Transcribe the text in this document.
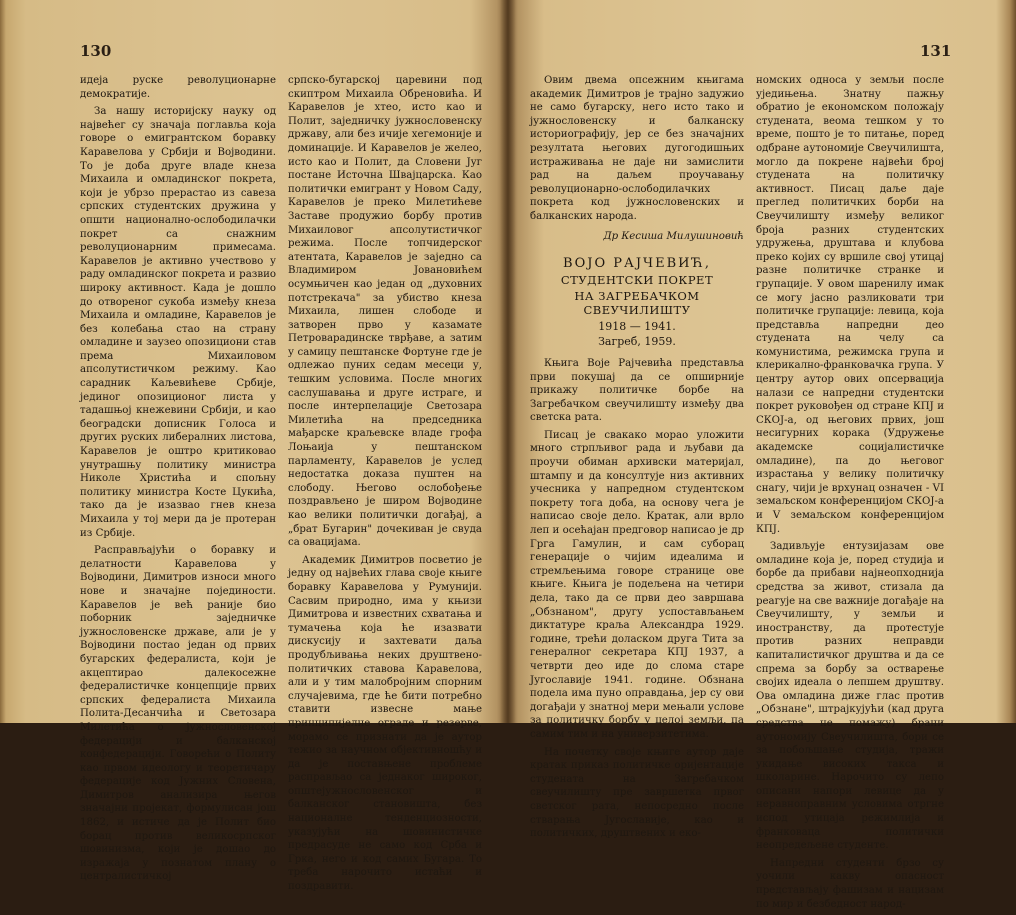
130

идеја руске револуционарне демократије.

За нашу историјску науку од највећег су значаја поглавља која говоре о емигрантском боравку Каравелова у Србији и Војводини. То је доба друге владе кнеза Михаила и омладинског покрета, који је убрзо прерастао из савеза српских студентских дружина у општи национално-ослободилачки покрет са снажним револуционарним примесама. Каравелов је активно учествово у раду омладинског покрета и развио широку активност. Када је дошло до отвореног сукоба између кнеза Михаила и омладине, Каравелов је без колебања стао на страну омладине и заузео опозициони став према Михаиловом апсолутистичком режиму. Као сарадник Каљевићеве Србије, јединог опозиционог листа у тадашњој кнежевини Србији, и као београдски дописник Голоса и других руских либералних листова, Каравелов је оштро критиковао унутрашњу политику министра Николе Христића и спољну политику министра Косте Цукића, тако да је изазвао гнев кнеза Михаила у тој мери да је протеран из Србије.

Расправљајући о боравку и делатности Каравелова у Војводини, Димитров износи много нове и значајне појединости. Каравелов је већ раније био поборник заједничке јужнословенске државе, али је у Војводини постао један од првих бугарских федералиста, који је акцептирао далекосежне федералистичке концепције првих српских федералиста Михаила Полита-Десанчића и Светозара Милетића о јужнословенској федерацији и балканској конфедерацији. Говорећи о Политу као првом идеологу и теоретичару федерације код Јужних Словена, Димитров анализира његов значајни пројекат, формулисан још 1862, и истиче да је Полит био борац против великосрпског шовинизма, који је дошао до изражаја у познатом плану о централистичкој

српско-бугарској царевини под скиптром Михаила Обреновића. И Каравелов је хтео, исто као и Полит, заједничку јужнословенску државу, али без ичије хегемоније и доминације. И Каравелов је желео, исто као и Полит, да Словени Југ постане Источна Швајцарска. Као политички емигрант у Новом Саду, Каравелов је преко Милетићеве Заставе продужио борбу против Михаиловог апсолутистичког режима. После топчидерског атентата, Каравелов је заједно са Владимиром Јовановићем осумњичен као један од „духовних потстрекача" за убиство кнеза Михаила, лишен слободе и затворен прво у казамате Петроварадинске тврђаве, а затим у самицу пештанске Фортуне где је одлежао пуних седам месеци у, тешким условима. После многих саслушавања и друге истраге, и после интерпелације Светозара Милетића на председника мађарске краљевске владе грофа Лоњаија у пештанском парламенту, Каравелов је услед недостатка доказа пуштен на слободу. Његово ослобођење поздрављено је широм Војводине као велики политички догађај, а „брат Бугарин" дочекиван је свуда са овацијама.

Академик Димитров посветио је једну од највећих глава своје књиге боравку Каравелова у Румунији. Сасвим природно, има у књизи Димитрова и известних схватања и тумачења која ће изазвати дискусију и захтевати даља продубљивања неких друштвено-политичких ставова Каравелова, али и у тим малобројним спорним случајевима, где ће бити потребно ставити извесне мање принципијелне ограде и резерве, морамо се признати да је аутор тежио за научном објективношћу и да је поставњене проблеме расправљао са једнаког широког, општејужнословенског и балканског становишта, без националне тенденциозности, указујући на шовинистичке предрасуде не само код Срба и Грка, него и код самих Бугара. То треба нарочито истаћи и поздравити.

131

Овим двема опсежним књигама академик Димитров је трајно задужио не само бугарску, него исто тако и јужнословенску и балканску историографију, јер се без значајних резултата његових дугогодишњих истраживања не даје ни замислити рад на даљем проучавању револуционарно-ослободилачких покрета код јужнословенских и балканских народа.

Др Кесиша Милушиновић
ВОЈО РАЈЧЕВИЋ,
СТУДЕНТСКИ ПОКРЕТ
НА ЗАГРЕБАЧКОМ СВЕУЧИЛИШТУ
1918 — 1941.
Загреб, 1959.

Књига Воје Рајчевића представља први покушај да се опширније прикажу политичке борбе на Загребачком свеучилишту између два светска рата.

Писац је свакако морао уложити много стрпљивог рада и љубави да проучи обиман архивски материјал, штампу и да консултује низ активних учесника у напредном студентском покрету тога доба, на основу чега је написао своје дело. Кратак, али врло леп и осећајан предговор написао је др Грга Гамулин, и сам суборац генерације о чијим идеалима и стремљењима говоре странице ове књиге. Књига је подељена на четири дела, тако да се први део завршава „Обзнаном", другу успостављањем диктатуре краља Александра 1929. године, трећи доласком друга Тита за генералног секретара КПЈ 1937, а четврти део иде до слома старе Југославије 1941. године. Обзнана подела има пуно оправдања, јер су ови догађаји у знатној мери мењали услове за политичку борбу у целој земљи, па самим тим и на универзитетима.

На почетку своје књиге аутор даје кратак приказ политичке оријентације студената на Загребачком свеучилишту пре завршетка првог светског рата, непосредно после стварања Југославије, као и политичких, друштвених и еко-

номских односа у земљи после уједињења. Знатну пажњу обратио је економском положају студената, веома тешком у то време, пошто је то питање, поред одбране аутономије Свеучилишта, могло да покрене највећи број студената на политичку активност. Писац даље даје преглед политичких борби на Свеучилишту између великог броја разних студентских удружења, друштава и клубова преко којих су вршиле свој утицај разне политичке странке и групације. У овом шаренилу имак се могу јасно разликовати три политичке групације: левица, која представља напредни део студената на челу са комунистима, режимска група и клерикално-франковачка група. У центру аутор ових опсервација налази се напредни студентски покрет руковођен од стране КПЈ и СКОЈ-а, од његових првих, још несигурних корака (Удружење академске социјалистичке омладине), па до његовог израстања у велику политичку снагу, чији је врхунац означен - VI земаљском конференцијом СКОЈ-а и V земаљском конференцијом КПЈ.

Задивљује ентузијазам ове омладине која је, поред студија и борбе да прибави најнеопходнија средства за живот, стизала да реагује на све важније догађаје на Свеучилишту, у земљи и иностранству, да протестује против разних неправди капиталистичког друштва и да се спрема за борбу за остварење својих идеала о лепшем друштву. Ова омладина диже глас против „Обзнане", штрајкујући (кад друга средства не помажу) брани аутономију Свеучилишта, бори се за побољшање студија, тражи укидање високих такса и школарине. Нарочито су лепо описани напори левице да у неравноправним условима отргне испод утицаја режимлија и франковаца политички неопредељене студенте.

Напредни студенти брзо су уочили какву опасност представљају фашизам и нацизам по мир и безбедност народ-
